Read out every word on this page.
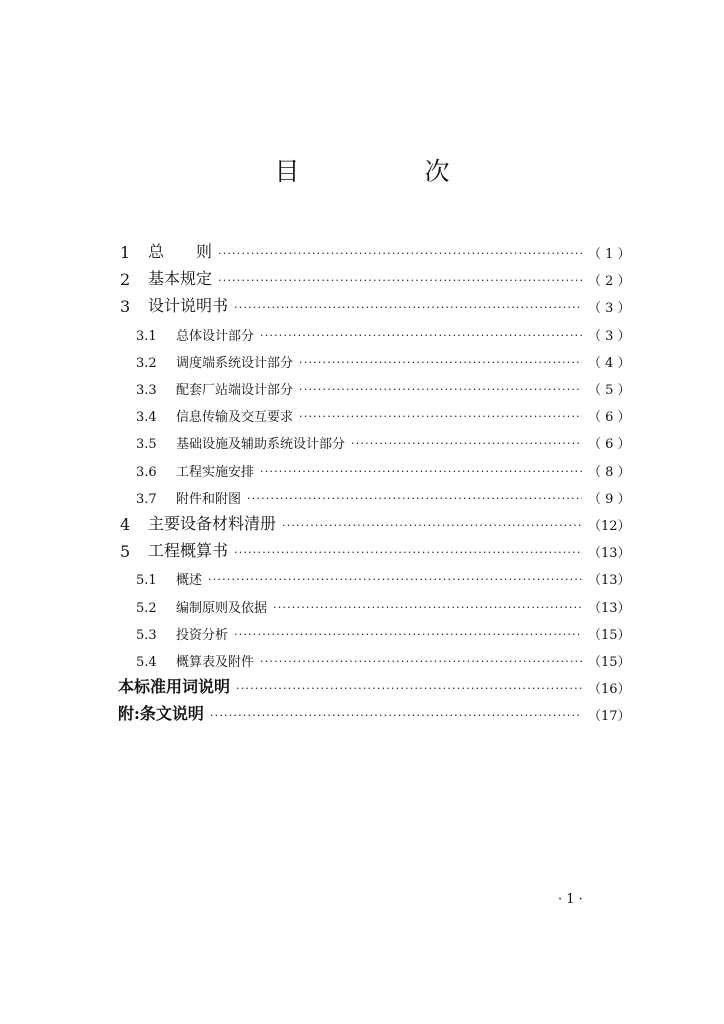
目　次
1	总　　则 ·····	（ 1 ）
2	基本规定 ·····	（ 2 ）
3	设计说明书 ·····	（ 3 ）
3.1	总体设计部分 ·····	（ 3 ）
3.2	调度端系统设计部分 ·····	（ 4 ）
3.3	配套厂站端设计部分 ·····	（ 5 ）
3.4	信息传输及交互要求 ·····	（ 6 ）
3.5	基础设施及辅助系统设计部分 ·····	（ 6 ）
3.6	工程实施安排 ·····	（ 8 ）
3.7	附件和附图 ·····	（ 9 ）
4	主要设备材料清册 ·····	（12）
5	工程概算书 ·····	（13）
5.1	概述 ·····	（13）
5.2	编制原则及依据 ·····	（13）
5.3	投资分析 ·····	（15）
5.4	概算表及附件 ·····	（15）
本标准用词说明 ·····	（16）
附:条文说明 ·····	（17）
· 1 ·
